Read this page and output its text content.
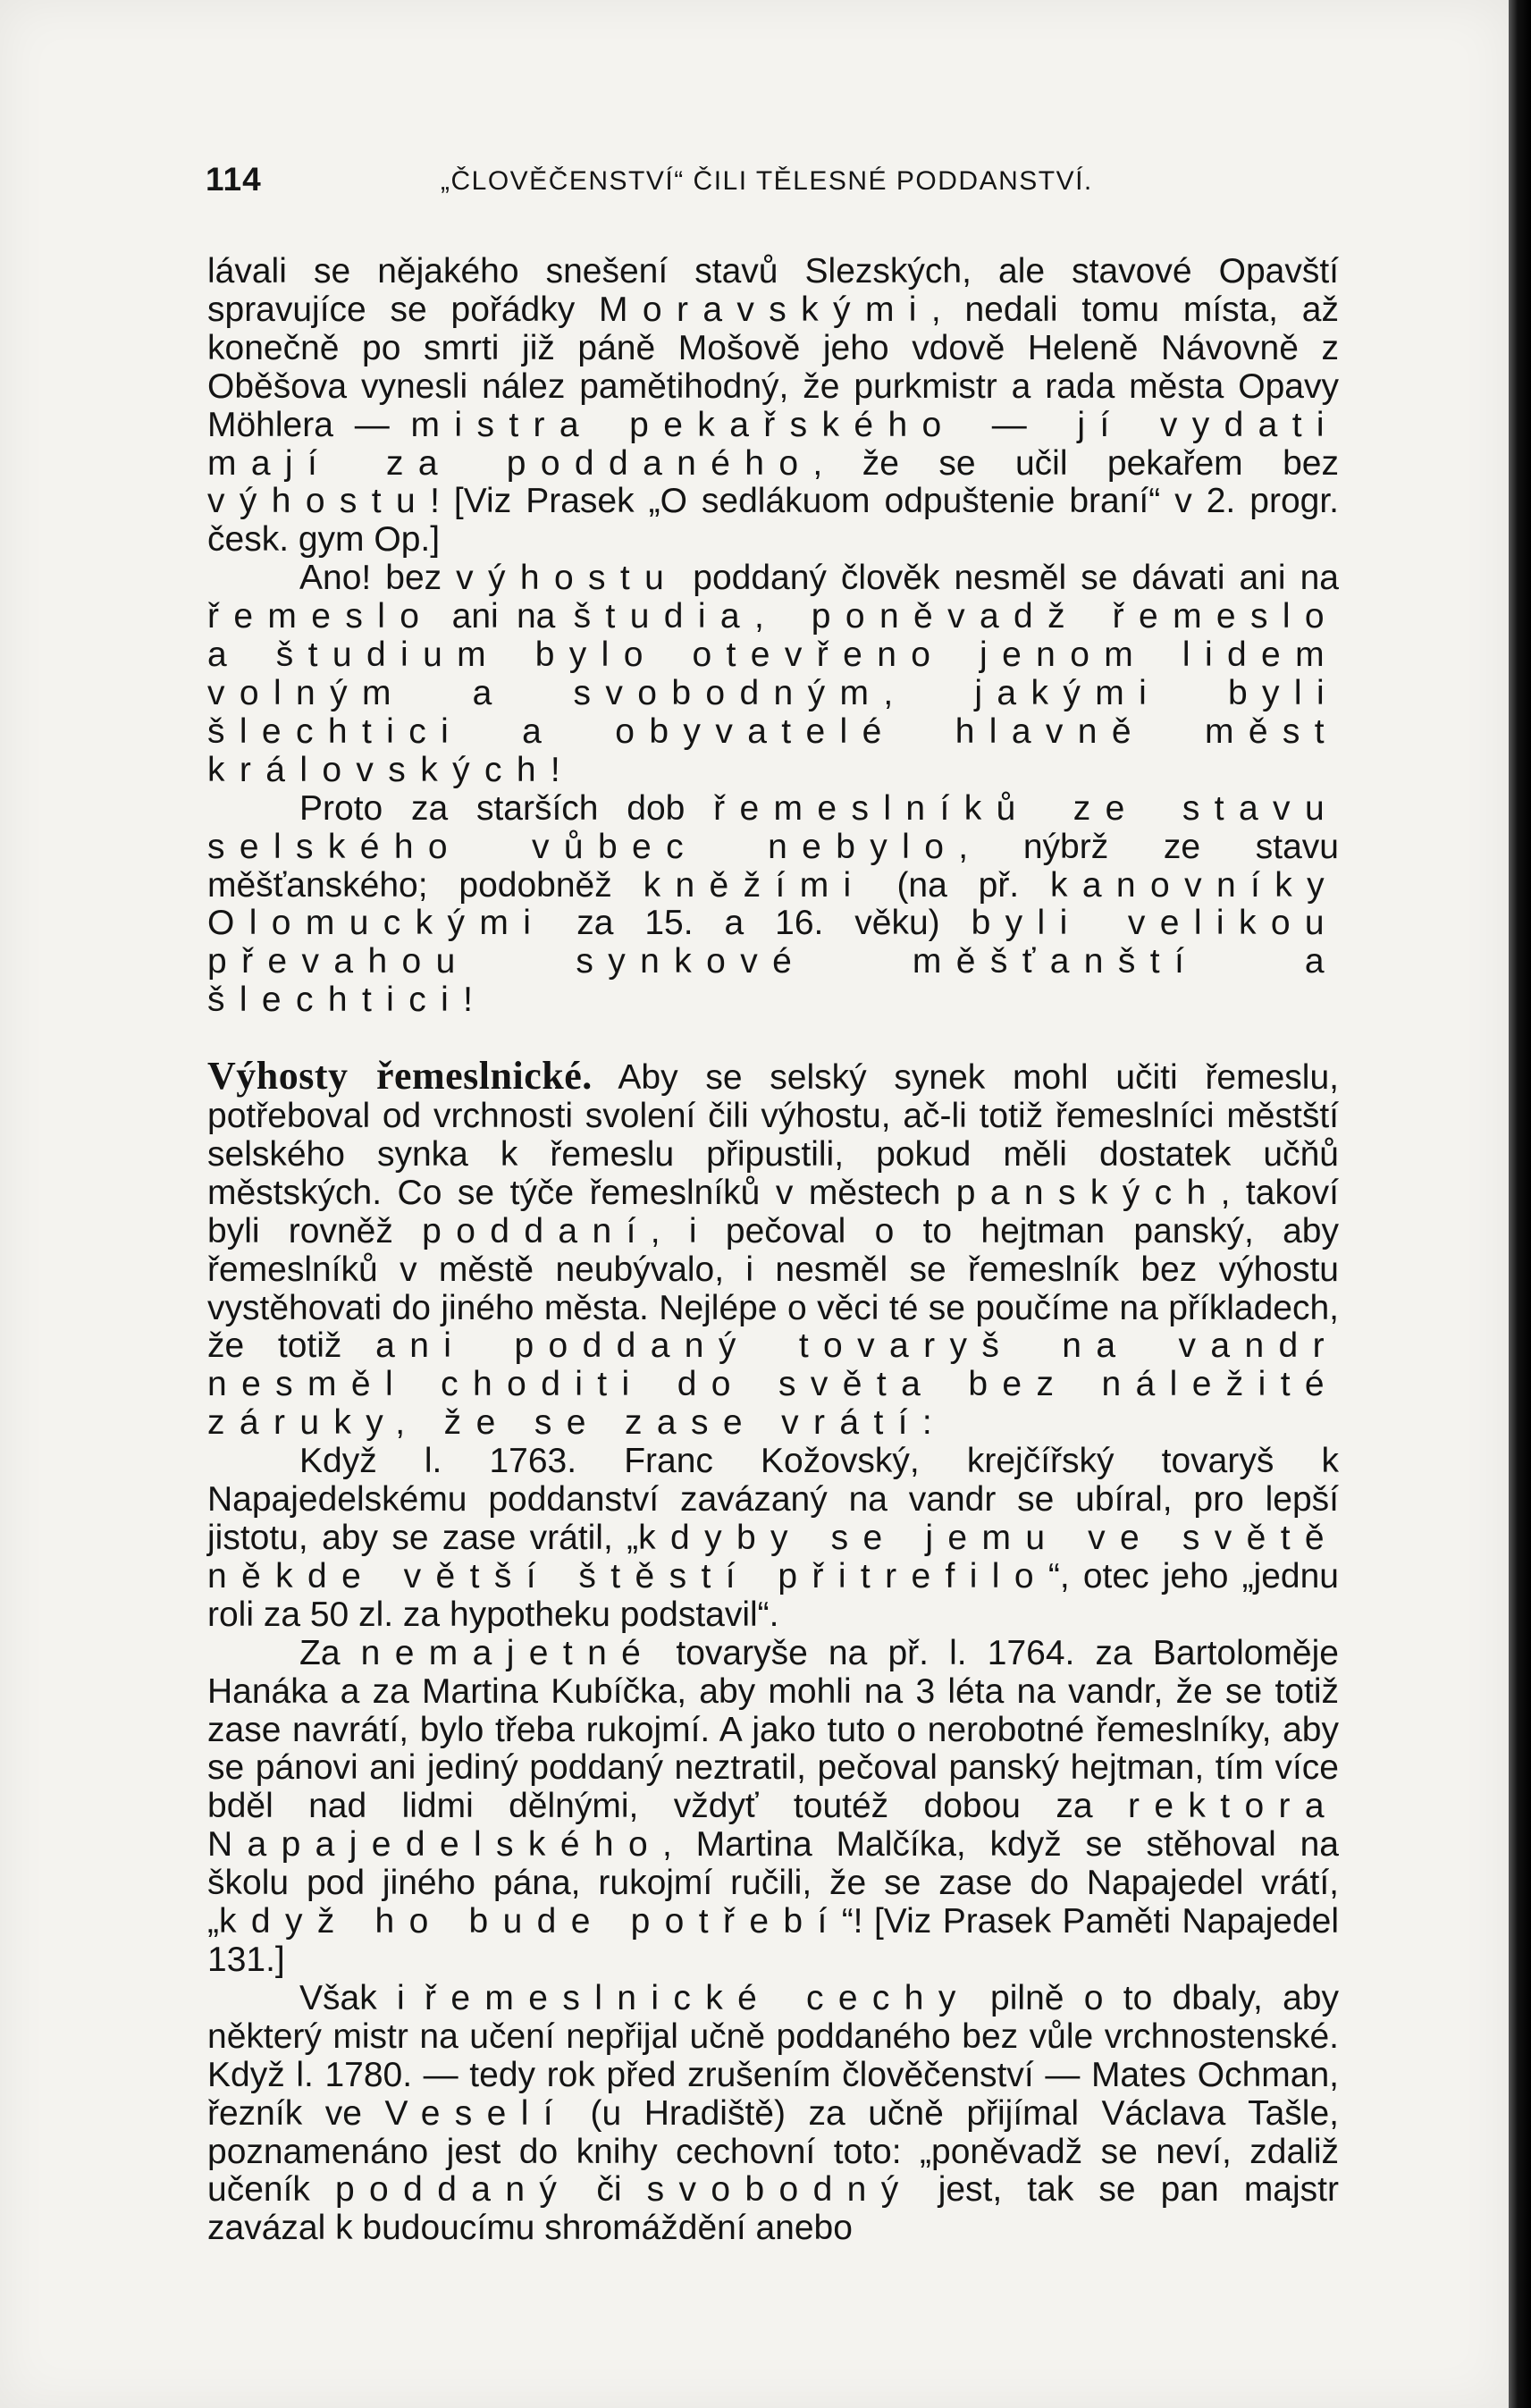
114	„ČLOVĚČENSTVÍ“ ČILI TĚLESNÉ PODDANSTVÍ.

lávali se nějakého snešení stavů Slezských, ale stavové Opavští spravujíce se pořádky Moravskými, nedali tomu místa, až konečně po smrti již páně Mošově jeho vdově Heleně Návovně z Oběšova vynesli nález pamětihodný, že purkmistr a rada města Opavy Möhlera — mistra pekařského — jí vydati mají za poddaného, že se učil pekařem bez výhostu! [Viz Prasek „O sedlákuom odpuštenie braní“ v 2. progr. česk. gym Op.]

Ano! bez výhostu poddaný člověk nesměl se dávati ani na řemeslo ani na študia, poněvadž řemeslo a študium bylo otevřeno jenom lidem volným a svobodným, jakými byli šlechtici a obyvatelé hlavně měst královských!

Proto za starších dob řemeslníků ze stavu selského vůbec nebylo, nýbrž ze stavu měšťanského; podobněž kněžími (na př. kanovníky Olomuckými za 15. a 16. věku) byli velikou převahou synkové měšťanští a šlechtici!

Výhosty řemeslnické. Aby se selský synek mohl učiti řemeslu, potřeboval od vrchnosti svolení čili výhostu, ač-li totiž řemeslníci městští selského synka k řemeslu připustili, pokud měli dostatek učňů městských. Co se týče řemeslníků v městech panských, takoví byli rovněž poddaní, i pečoval o to hejtman panský, aby řemeslníků v městě neubývalo, i nesměl se řemeslník bez výhostu vystěhovati do jiného města. Nejlépe o věci té se poučíme na příkladech, že totiž ani poddaný tovaryš na vandr nesměl choditi do světa bez náležité záruky, že se zase vrátí:

Když l. 1763. Franc Kožovský, krejčířský tovaryš k Napajedelskému poddanství zavázaný na vandr se ubíral, pro lepší jistotu, aby se zase vrátil, „kdyby se jemu ve světě někde větší štěstí přitrefilo“, otec jeho „jednu roli za 50 zl. za hypotheku podstavil“.

Za nemajetné tovaryše na př. l. 1764. za Bartoloměje Hanáka a za Martina Kubíčka, aby mohli na 3 léta na vandr, že se totiž zase navrátí, bylo třeba rukojmí. A jako tuto o nerobotné řemeslníky, aby se pánovi ani jediný poddaný neztratil, pečoval panský hejtman, tím více bděl nad lidmi dělnými, vždyť toutéž dobou za rektora Napajedelského, Martina Malčíka, když se stěhoval na školu pod jiného pána, rukojmí ručili, že se zase do Napajedel vrátí, „když ho bude potřebí“! [Viz Prasek Paměti Napajedel 131.]

Však i řemeslnické cechy pilně o to dbaly, aby některý mistr na učení nepřijal učně poddaného bez vůle vrchnostenské. Když l. 1780. — tedy rok před zrušením člověčenství — Mates Ochman, řezník ve Veselí (u Hradiště) za učně přijímal Václava Tašle, poznamenáno jest do knihy cechovní toto: „poněvadž se neví, zdaliž učeník poddaný či svobodný jest, tak se pan majstr zavázal k budoucímu shromáždění anebo
